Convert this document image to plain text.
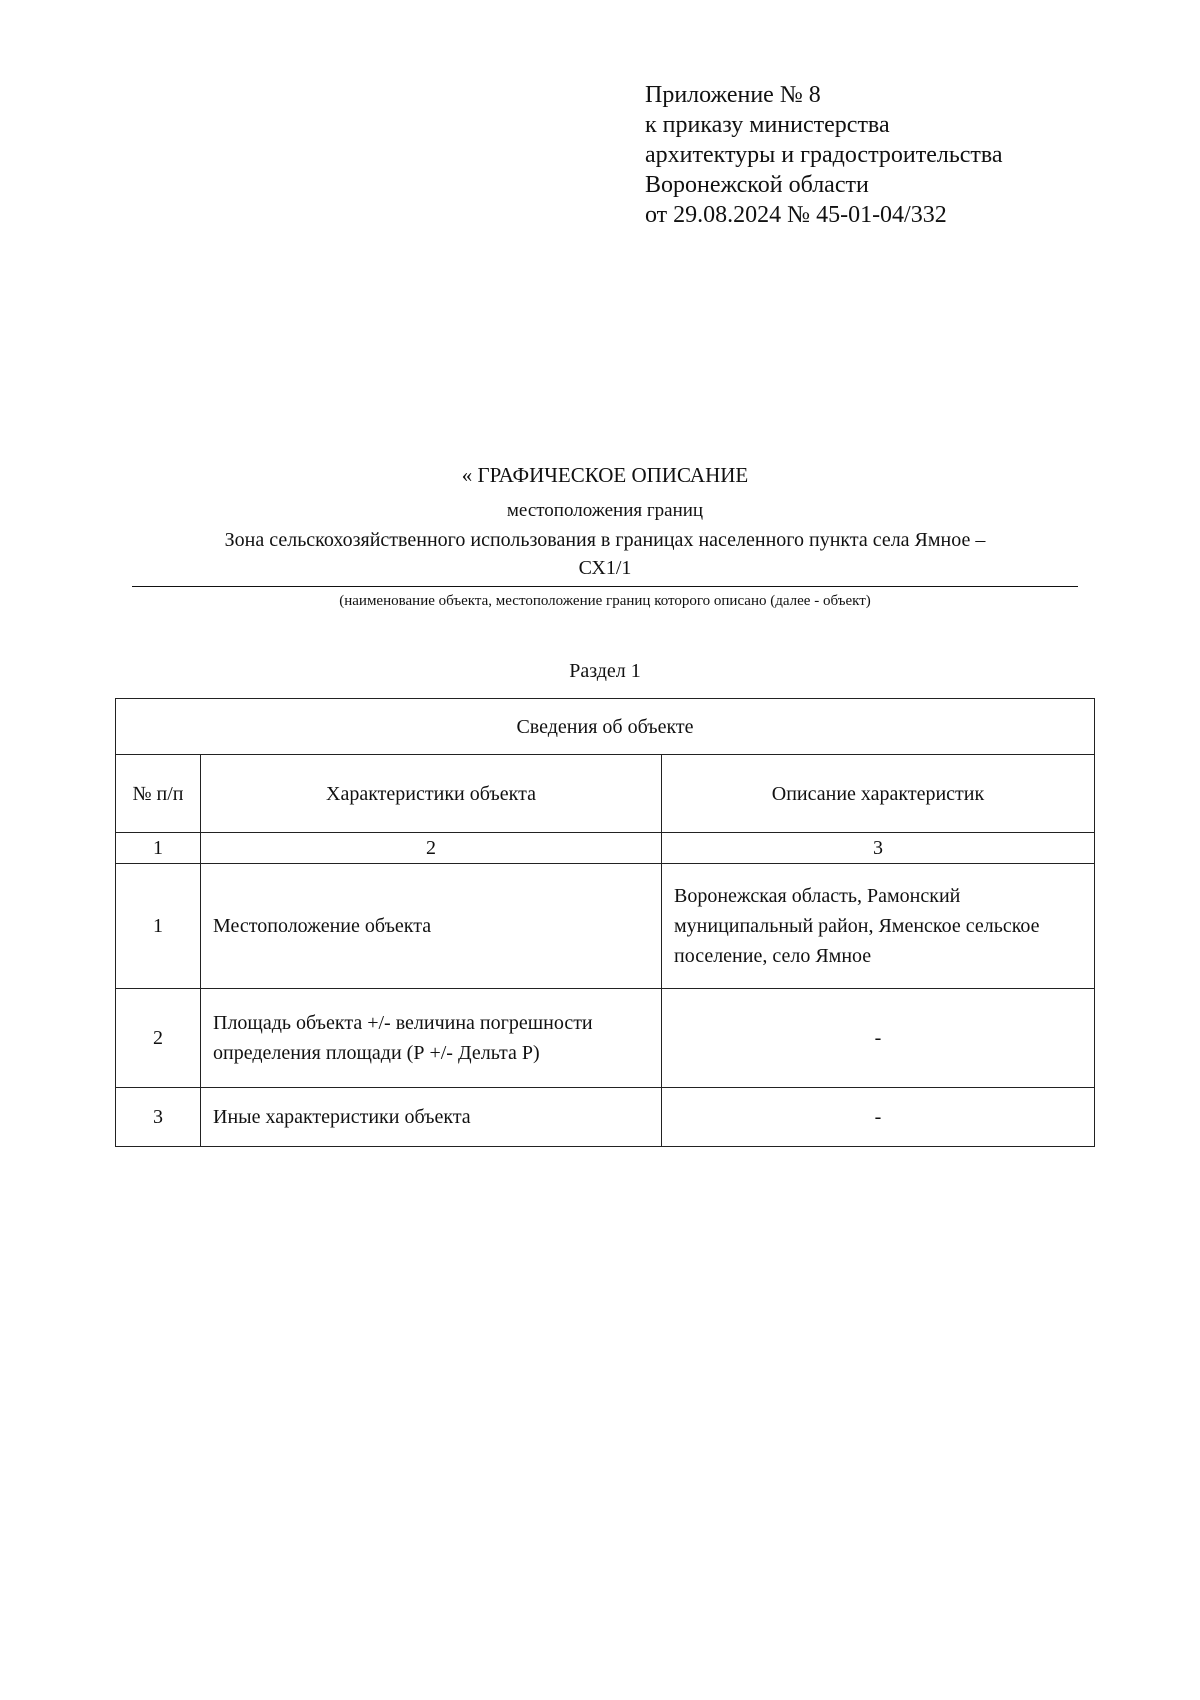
Приложение № 8
к приказу министерства
архитектуры и градостроительства
Воронежской области
от 29.08.2024 № 45-01-04/332
« ГРАФИЧЕСКОЕ ОПИСАНИЕ
местоположения границ
Зона сельскохозяйственного использования в границах населенного пункта села Ямное –
СХ1/1
(наименование объекта, местоположение границ которого описано (далее - объект)
Раздел 1
Сведения об объекте		
№ п/п	Характеристики объекта	Описание характеристик
1	2	3
1	Местоположение объекта	Воронежская область, Рамонский муниципальный район, Яменское сельское поселение, село Ямное
2	Площадь объекта +/- величина погрешности определения площади (Р +/- Дельта Р)	-
3	Иные характеристики объекта	-
